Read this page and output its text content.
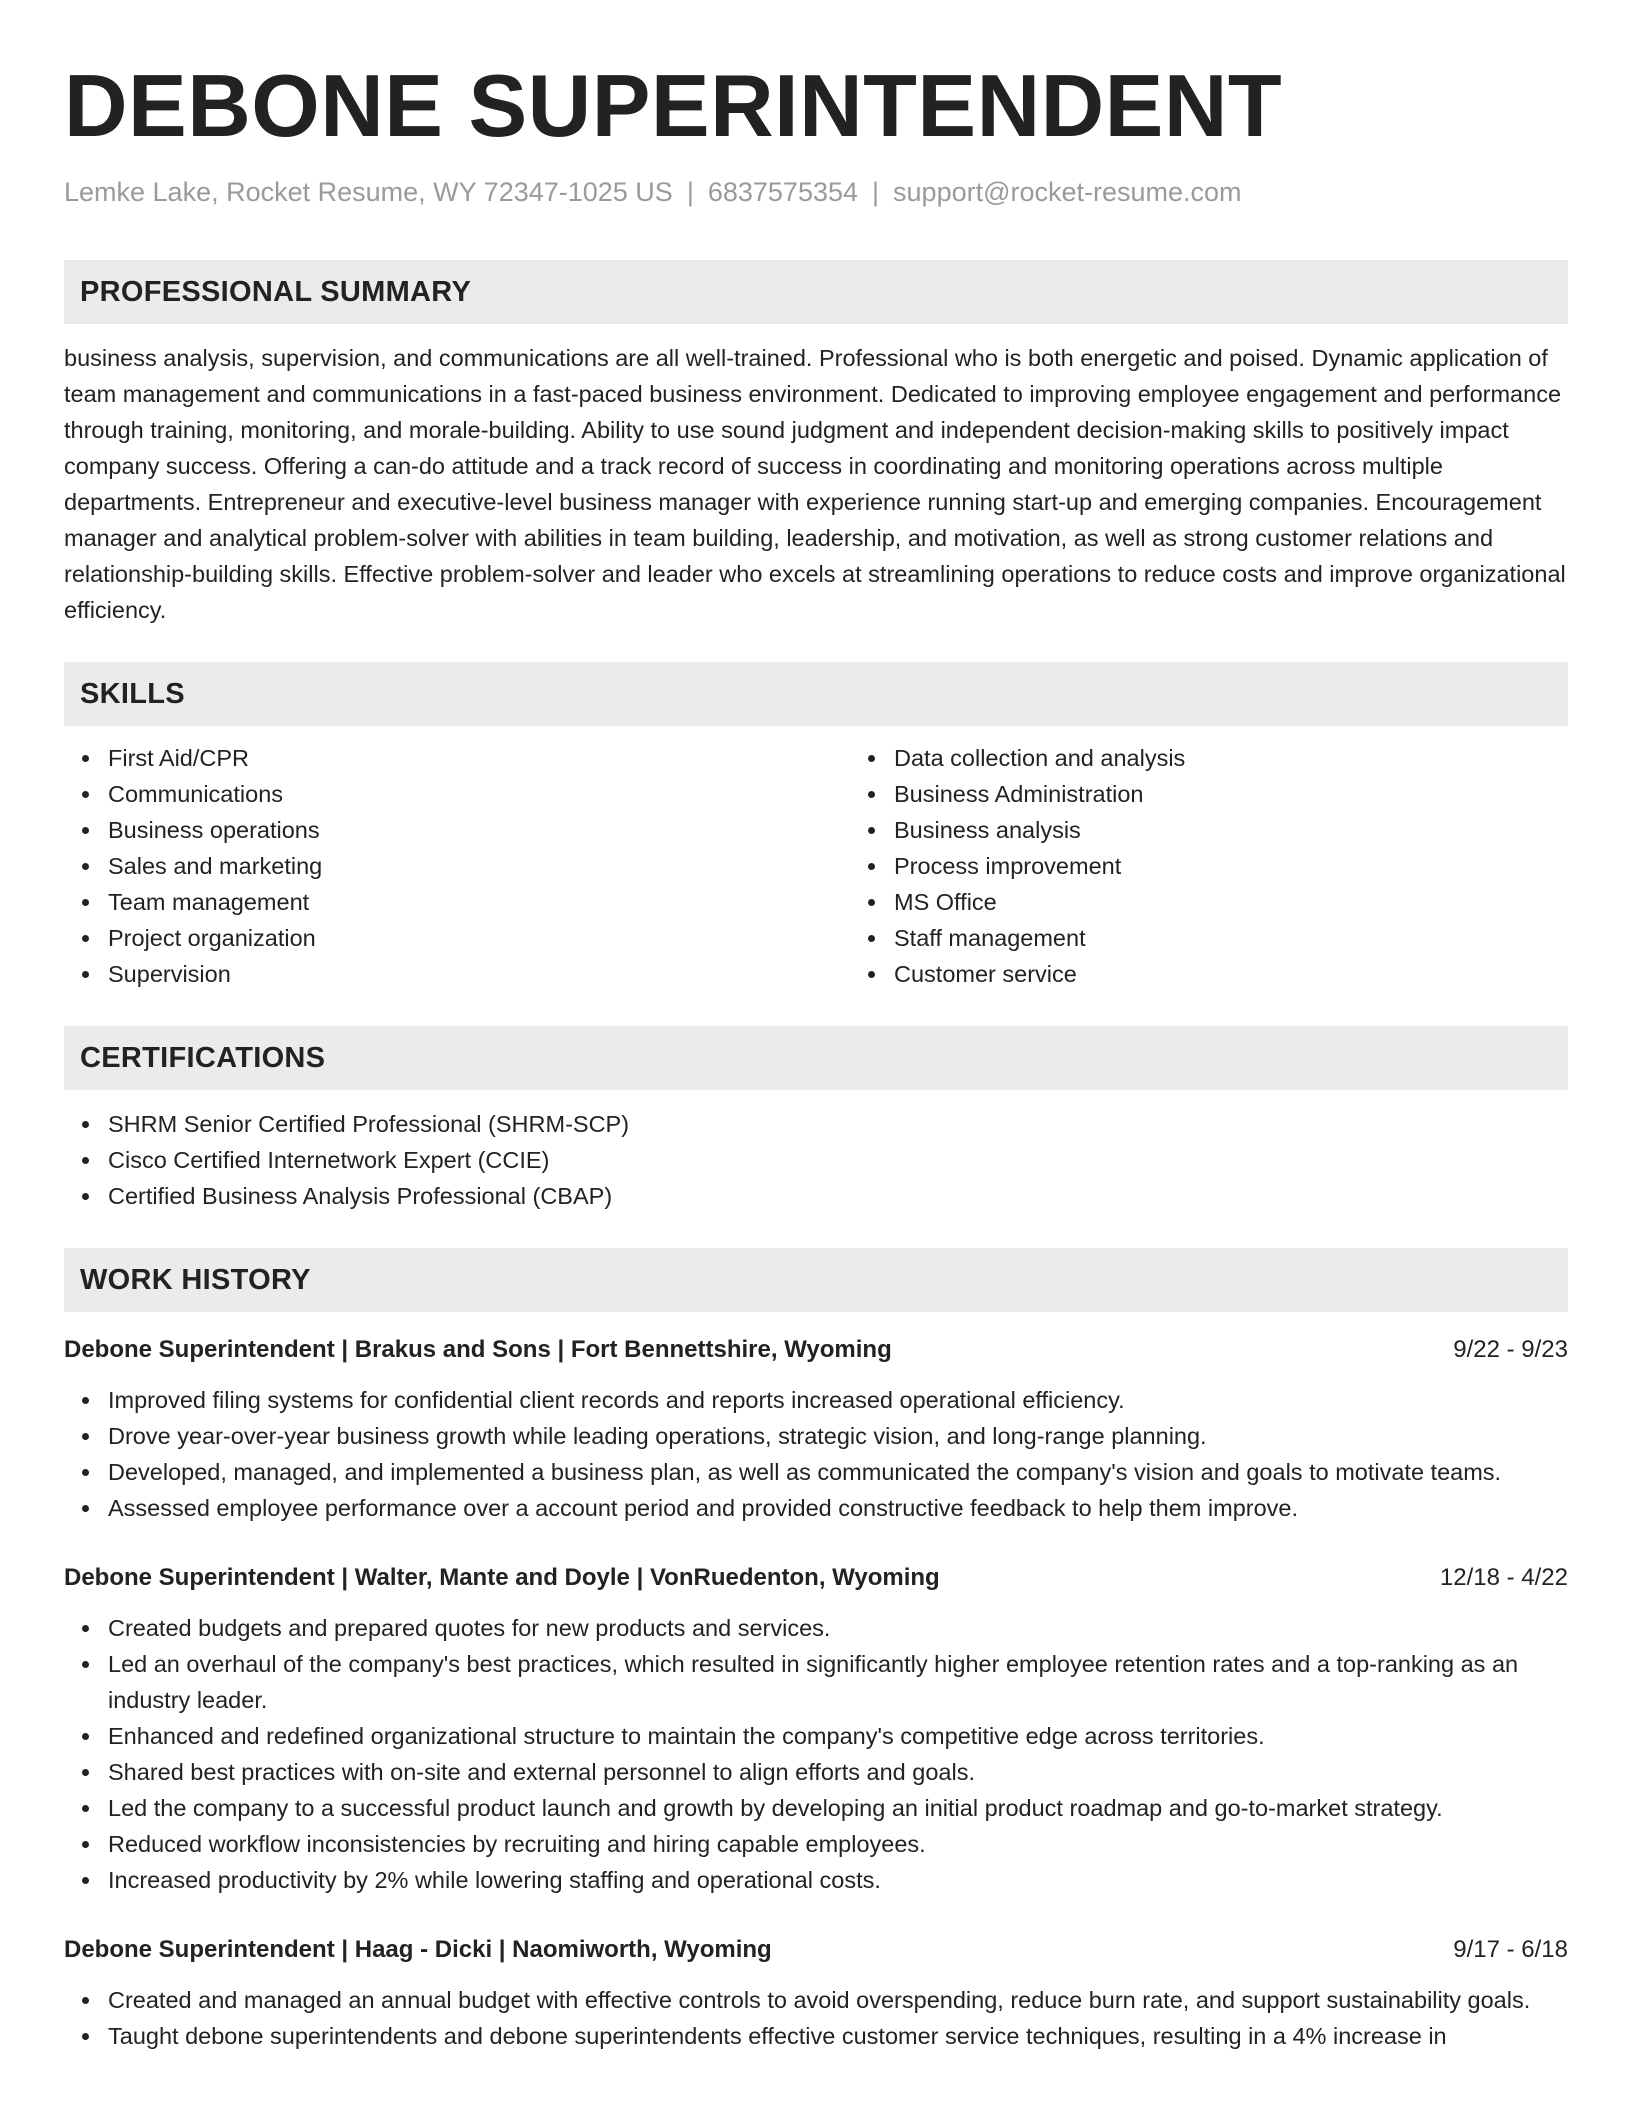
DEBONE SUPERINTENDENT
Lemke Lake, Rocket Resume, WY 72347-1025 US | 6837575354 | support@rocket-resume.com
PROFESSIONAL SUMMARY
business analysis, supervision, and communications are all well-trained. Professional who is both energetic and poised. Dynamic application of team management and communications in a fast-paced business environment. Dedicated to improving employee engagement and performance through training, monitoring, and morale-building. Ability to use sound judgment and independent decision-making skills to positively impact company success. Offering a can-do attitude and a track record of success in coordinating and monitoring operations across multiple departments. Entrepreneur and executive-level business manager with experience running start-up and emerging companies. Encouragement manager and analytical problem-solver with abilities in team building, leadership, and motivation, as well as strong customer relations and relationship-building skills. Effective problem-solver and leader who excels at streamlining operations to reduce costs and improve organizational efficiency.
SKILLS
First Aid/CPR
Communications
Business operations
Sales and marketing
Team management
Project organization
Supervision
Data collection and analysis
Business Administration
Business analysis
Process improvement
MS Office
Staff management
Customer service
CERTIFICATIONS
SHRM Senior Certified Professional (SHRM-SCP)
Cisco Certified Internetwork Expert (CCIE)
Certified Business Analysis Professional (CBAP)
WORK HISTORY
Debone Superintendent | Brakus and Sons | Fort Bennettshire, Wyoming	9/22 - 9/23
Improved filing systems for confidential client records and reports increased operational efficiency.
Drove year-over-year business growth while leading operations, strategic vision, and long-range planning.
Developed, managed, and implemented a business plan, as well as communicated the company's vision and goals to motivate teams.
Assessed employee performance over a account period and provided constructive feedback to help them improve.
Debone Superintendent | Walter, Mante and Doyle | VonRuedenton, Wyoming	12/18 - 4/22
Created budgets and prepared quotes for new products and services.
Led an overhaul of the company's best practices, which resulted in significantly higher employee retention rates and a top-ranking as an industry leader.
Enhanced and redefined organizational structure to maintain the company's competitive edge across territories.
Shared best practices with on-site and external personnel to align efforts and goals.
Led the company to a successful product launch and growth by developing an initial product roadmap and go-to-market strategy.
Reduced workflow inconsistencies by recruiting and hiring capable employees.
Increased productivity by 2% while lowering staffing and operational costs.
Debone Superintendent | Haag - Dicki | Naomiworth, Wyoming	9/17 - 6/18
Created and managed an annual budget with effective controls to avoid overspending, reduce burn rate, and support sustainability goals.
Taught debone superintendents and debone superintendents effective customer service techniques, resulting in a 4% increase in
